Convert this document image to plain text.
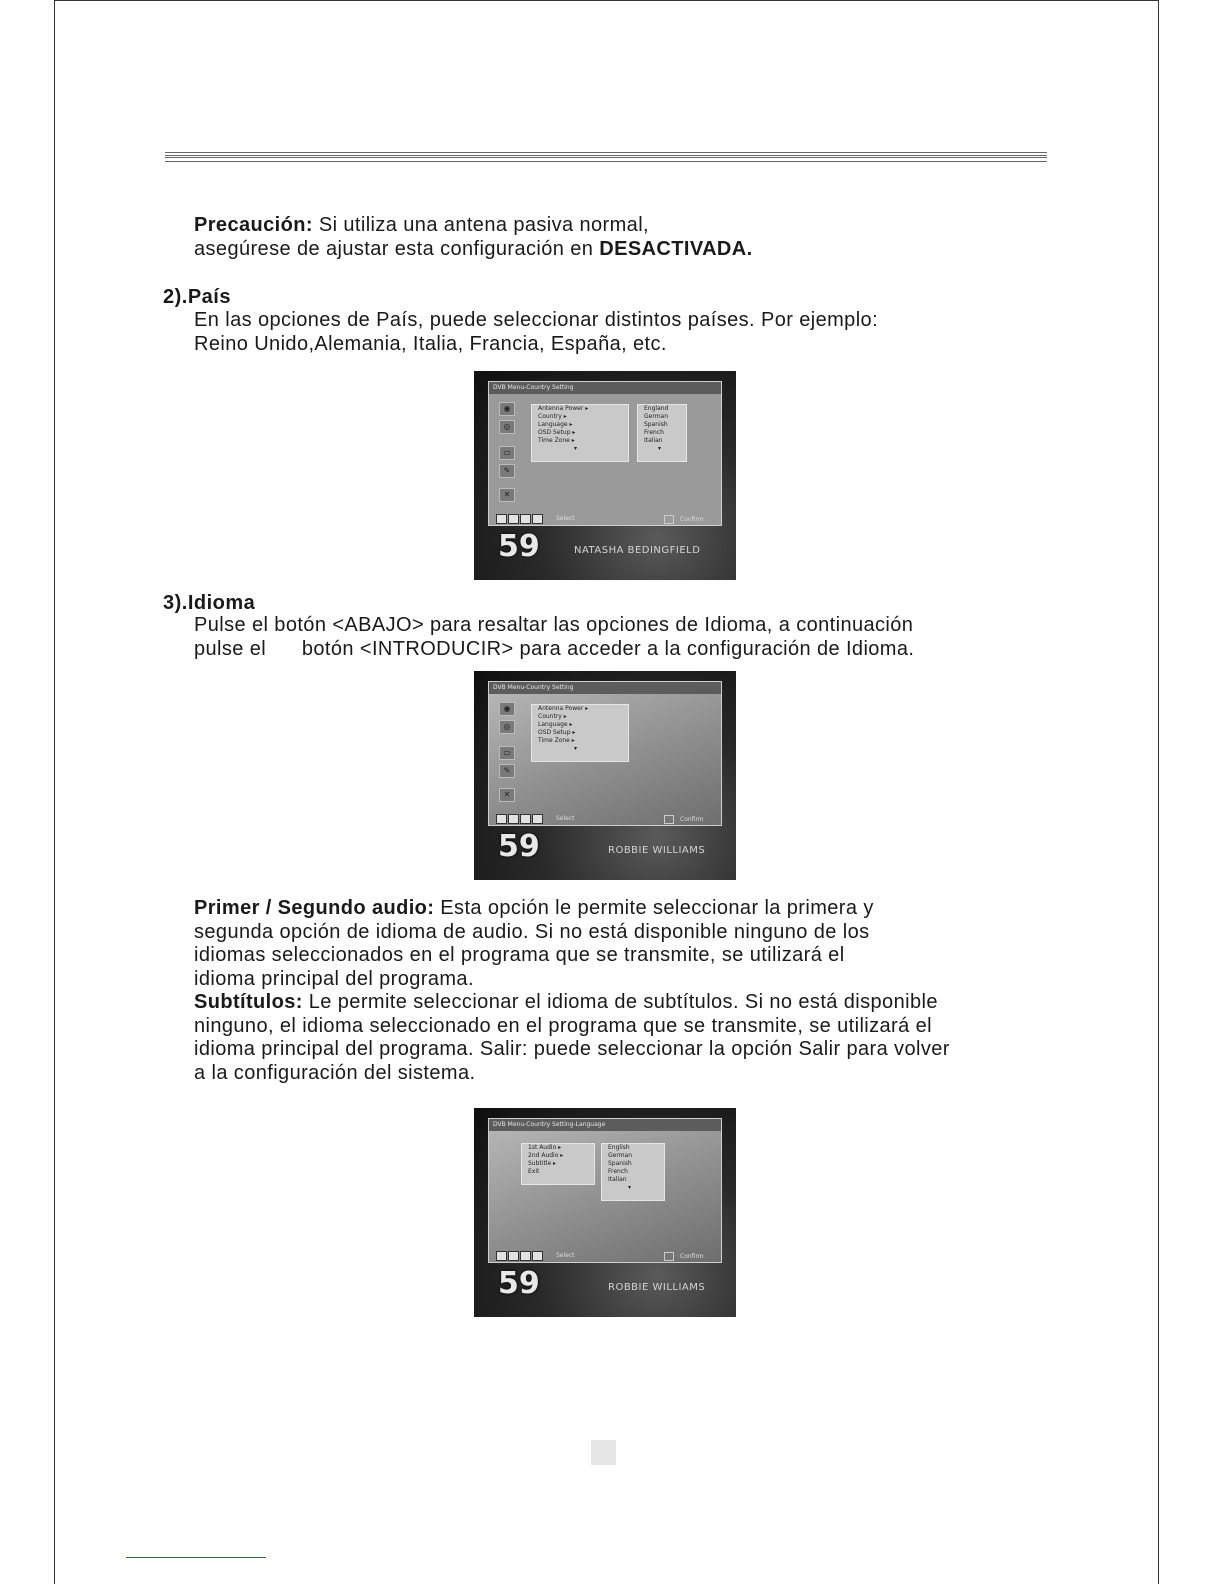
Precaución: Si utiliza una antena pasiva normal,
asegúrese de ajustar esta configuración en DESACTIVADA.
2).País
En las opciones de País, puede seleccionar distintos países. Por ejemplo:
Reino Unido,Alemania, Italia, Francia, España, etc.
DVB Menu-Country Setting
◉
◎
▭
✎
✕
Antenna Power ▸
Country ▸
Language ▸
OSD Setup ▸
Time Zone ▸
▾
England
German
Spanish
French
Italian
▾
Select	Confirm
59	NATASHA BEDINGFIELD
3).Idioma
Pulse el botón <ABAJO> para resaltar las opciones de Idioma, a continuación
pulse el      botón <INTRODUCIR> para acceder a la configuración de Idioma.
DVB Menu-Country Setting
◉
◎
▭
✎
✕
Antenna Power ▸
Country ▸
Language ▸
OSD Setup ▸
Time Zone ▸
▾
Select	Confirm
59	ROBBIE WILLIAMS
Primer / Segundo audio: Esta opción le permite seleccionar la primera y
segunda opción de idioma de audio. Si no está disponible ninguno de los
idiomas seleccionados en el programa que se transmite, se utilizará el
idioma principal del programa.
Subtítulos: Le permite seleccionar el idioma de subtítulos. Si no está disponible
ninguno, el idioma seleccionado en el programa que se transmite, se utilizará el
idioma principal del programa. Salir: puede seleccionar la opción Salir para volver
a la configuración del sistema.
DVB Menu-Country Setting-Language
1st Audio ▸
2nd Audio ▸
Subtitle ▸
Exit
English
German
Spanish
French
Italian
▾
Select	Confirm
59	ROBBIE WILLIAMS
